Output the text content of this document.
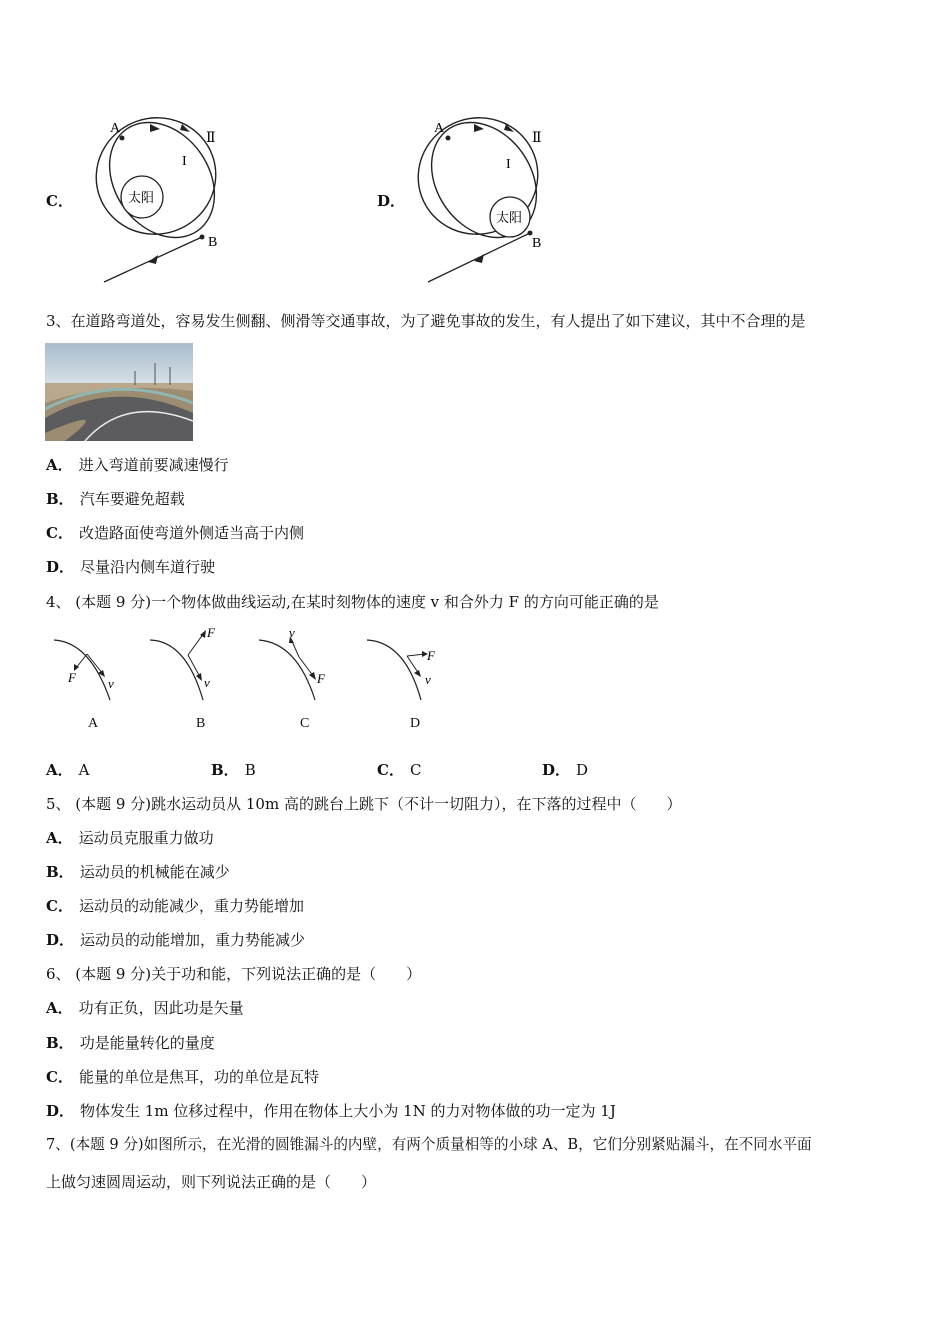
C．	太阳
A
B
I
Ⅱ
D．
太阳
A
B
I
Ⅱ
3、在道路弯道处，容易发生侧翻、侧滑等交通事故，为了避免事故的发生，有人提出了如下建议，其中不合理的是
A． 进入弯道前要减速慢行
B． 汽车要避免超载
C． 改造路面使弯道外侧适当高于内侧
D． 尽量沿内侧车道行驶
4、 (本题 9 分)一个物体做曲线运动,在某时刻物体的速度 v 和合外力 F 的方向可能正确的是
F v
A
F
v
B
v
F
C
F
v
D
A． A	B． B	C． C	D． D
5、 (本题 9 分)跳水运动员从 10m 高的跳台上跳下（不计一切阻力），在下落的过程中（　　）
A． 运动员克服重力做功
B． 运动员的机械能在减少
C． 运动员的动能减少，重力势能增加
D． 运动员的动能增加，重力势能减少
6、 (本题 9 分)关于功和能，下列说法正确的是（　　）
A． 功有正负，因此功是矢量
B． 功是能量转化的量度
C． 能量的单位是焦耳，功的单位是瓦特
D． 物体发生 1m 位移过程中，作用在物体上大小为 1N 的力对物体做的功一定为 1J
7、(本题 9 分)如图所示，在光滑的圆锥漏斗的内壁，有两个质量相等的小球 A、B，它们分别紧贴漏斗，在不同水平面
上做匀速圆周运动，则下列说法正确的是（　　）
